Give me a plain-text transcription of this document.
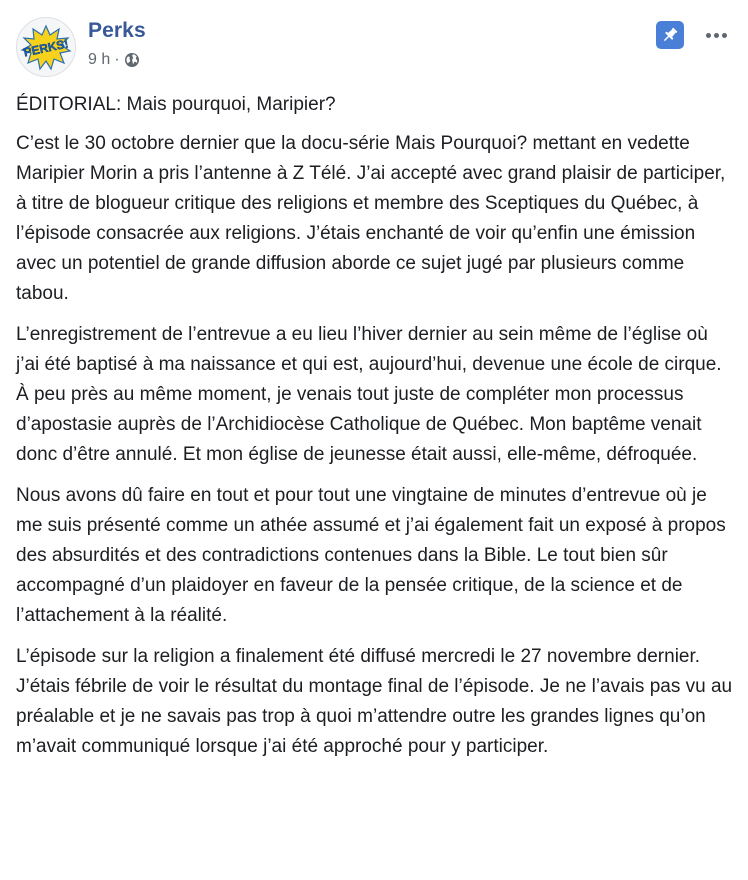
PERKS!
Perks
9 h ·

ÉDITORIAL: Mais pourquoi, Maripier?

C’est le 30 octobre dernier que la docu-série Mais Pourquoi? mettant en vedette Maripier Morin a pris l’antenne à Z Télé. J’ai accepté avec grand plaisir de participer, à titre de blogueur critique des religions et membre des Sceptiques du Québec, à l’épisode consacrée aux religions. J’étais enchanté de voir qu’enfin une émission avec un potentiel de grande diffusion aborde ce sujet jugé par plusieurs comme tabou.

L’enregistrement de l’entrevue a eu lieu l’hiver dernier au sein même de l’église où j’ai été baptisé à ma naissance et qui est, aujourd’hui, devenue une école de cirque. À peu près au même moment, je venais tout juste de compléter mon processus d’apostasie auprès de l’Archidiocèse Catholique de Québec. Mon baptême venait donc d’être annulé. Et mon église de jeunesse était aussi, elle-même, défroquée.

Nous avons dû faire en tout et pour tout une vingtaine de minutes d’entrevue où je me suis présenté comme un athée assumé et j’ai également fait un exposé à propos des absurdités et des contradictions contenues dans la Bible. Le tout bien sûr accompagné d’un plaidoyer en faveur de la pensée critique, de la science et de l’attachement à la réalité.

L’épisode sur la religion a finalement été diffusé mercredi le 27 novembre dernier. J’étais fébrile de voir le résultat du montage final de l’épisode. Je ne l’avais pas vu au préalable et je ne savais pas trop à quoi m’attendre outre les grandes lignes qu’on m’avait communiqué lorsque j’ai été approché pour y participer.
